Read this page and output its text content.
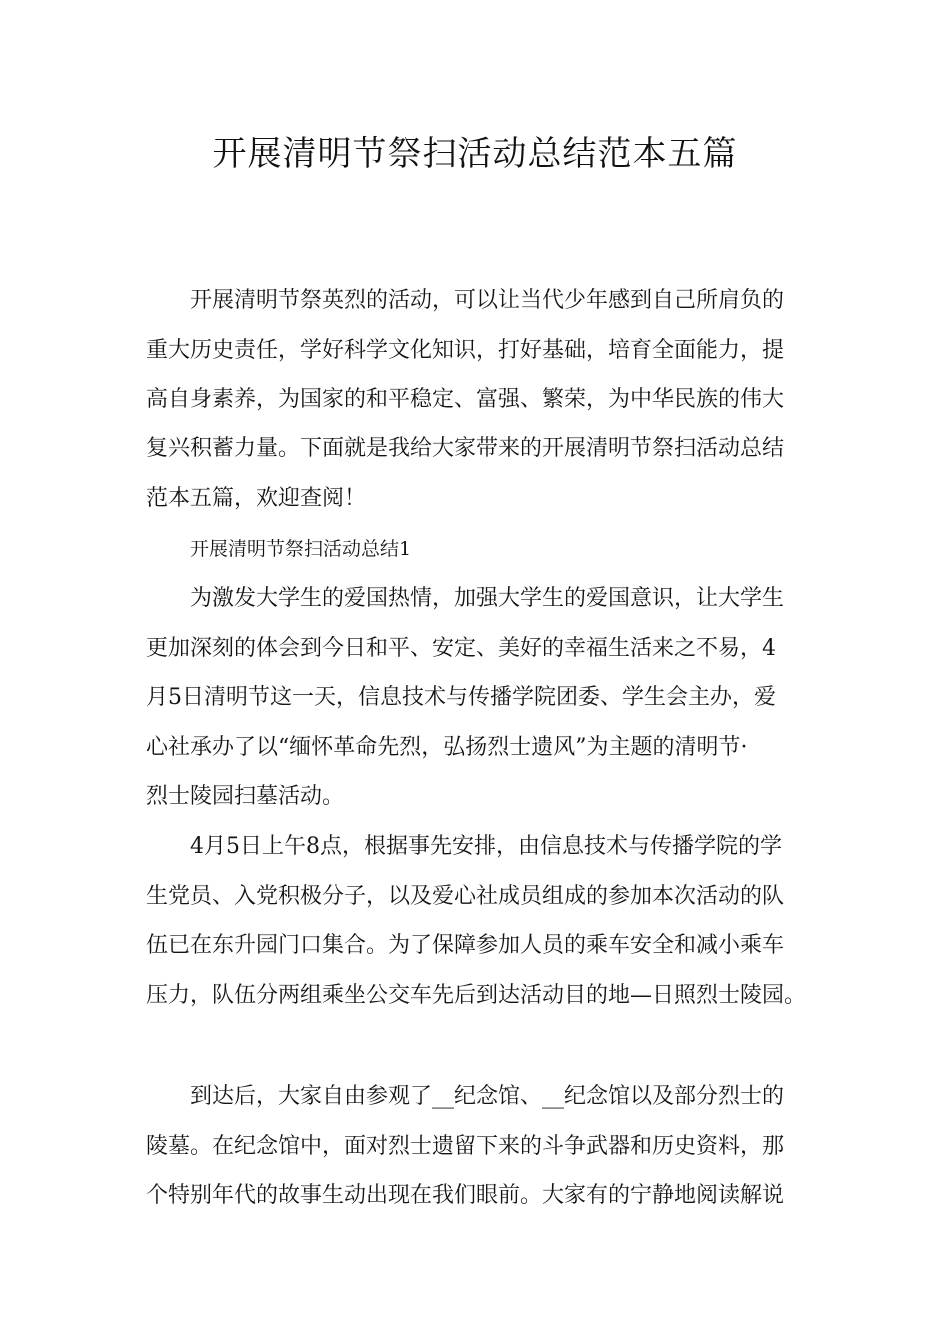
开展清明节祭扫活动总结范本五篇
开展清明节祭英烈的活动，可以让当代少年感到自己所肩负的
重大历史责任，学好科学文化知识，打好基础，培育全面能力，提
高自身素养，为国家的和平稳定、富强、繁荣，为中华民族的伟大
复兴积蓄力量。下面就是我给大家带来的开展清明节祭扫活动总结
范本五篇，欢迎查阅！
开展清明节祭扫活动总结1
为激发大学生的爱国热情，加强大学生的爱国意识，让大学生
更加深刻的体会到今日和平、安定、美好的幸福生活来之不易，4
月5日清明节这一天，信息技术与传播学院团委、学生会主办，爱
心社承办了以“缅怀革命先烈，弘扬烈士遗风”为主题的清明节·
烈士陵园扫墓活动。
4月5日上午8点，根据事先安排，由信息技术与传播学院的学
生党员、入党积极分子，以及爱心社成员组成的参加本次活动的队
伍已在东升园门口集合。为了保障参加人员的乘车安全和减小乘车
压力，队伍分两组乘坐公交车先后到达活动目的地—日照烈士陵园。
到达后，大家自由参观了__纪念馆、__纪念馆以及部分烈士的
陵墓。在纪念馆中，面对烈士遗留下来的斗争武器和历史资料，那
个特别年代的故事生动出现在我们眼前。大家有的宁静地阅读解说
